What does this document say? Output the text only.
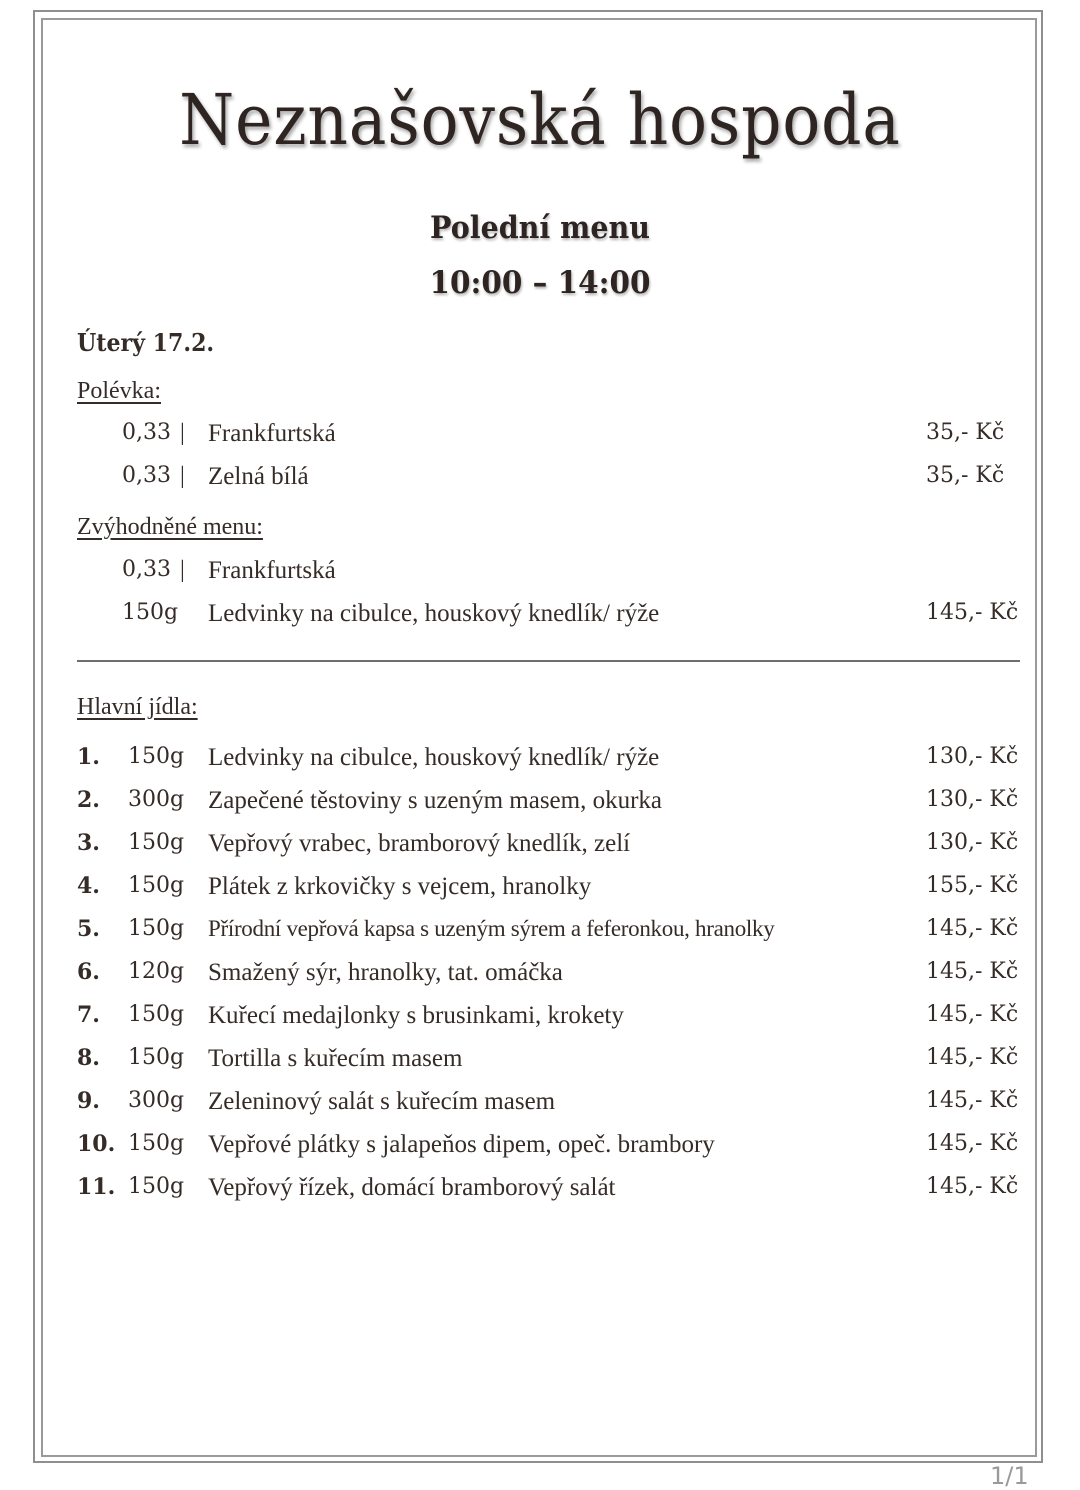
Neznašovská hospoda
Polední menu
10:00 – 14:00
Úterý 17.2.
Polévka:
0,33 | Frankfurtská	35,- Kč
0,33 | Zelná bílá	35,- Kč
Zvýhodněné menu:
0,33 | Frankfurtská
150g Ledvinky na cibulce, houskový knedlík/ rýže	145,- Kč
Hlavní jídla:
1. 150g Ledvinky na cibulce, houskový knedlík/ rýže	130,- Kč
2. 300g Zapečené těstoviny s uzeným masem, okurka	130,- Kč
3. 150g Vepřový vrabec, bramborový knedlík, zelí	130,- Kč
4. 150g Plátek z krkovičky s vejcem, hranolky	155,- Kč
5. 150g Přírodní vepřová kapsa s uzeným sýrem a feferonkou, hranolky	145,- Kč
6. 120g Smažený sýr, hranolky, tat. omáčka	145,- Kč
7. 150g Kuřecí medajlonky s brusinkami, krokety	145,- Kč
8. 150g Tortilla s kuřecím masem	145,- Kč
9. 300g Zeleninový salát s kuřecím masem	145,- Kč
10. 150g Vepřové plátky s jalapeňos dipem, opeč. brambory	145,- Kč
11. 150g Vepřový řízek, domácí bramborový salát	145,- Kč
1/1
